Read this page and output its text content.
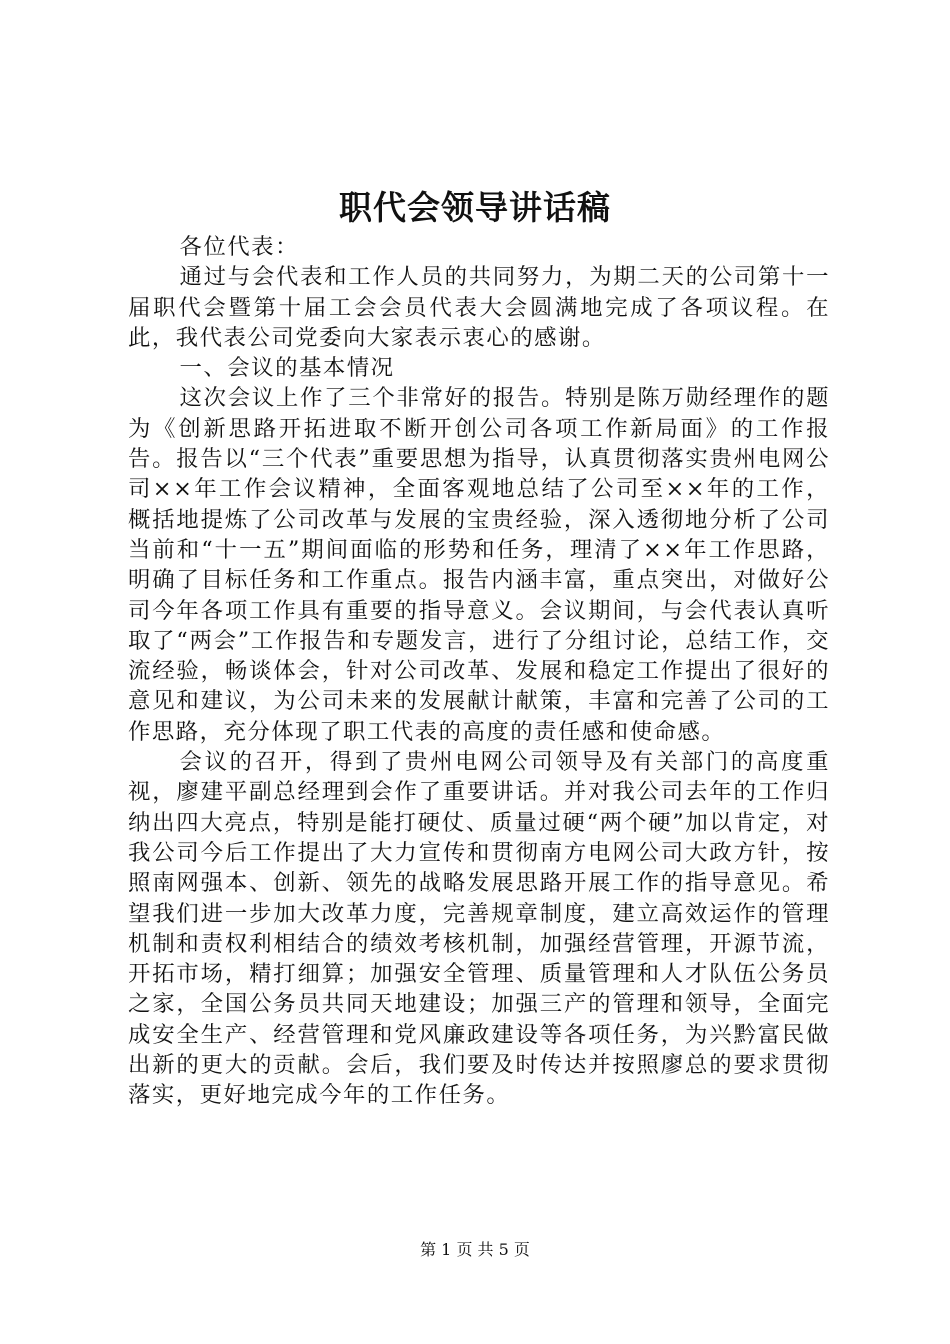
职代会领导讲话稿

各位代表：

通过与会代表和工作人员的共同努力，为期二天的公司第十一届职代会暨第十届工会会员代表大会圆满地完成了各项议程。在此，我代表公司党委向大家表示衷心的感谢。

一、会议的基本情况

这次会议上作了三个非常好的报告。特别是陈万勋经理作的题为《创新思路开拓进取不断开创公司各项工作新局面》的工作报告。报告以“三个代表”重要思想为指导，认真贯彻落实贵州电网公司××年工作会议精神，全面客观地总结了公司至××年的工作，概括地提炼了公司改革与发展的宝贵经验，深入透彻地分析了公司当前和“十一五”期间面临的形势和任务，理清了××年工作思路，明确了目标任务和工作重点。报告内涵丰富，重点突出，对做好公司今年各项工作具有重要的指导意义。会议期间，与会代表认真听取了“两会”工作报告和专题发言，进行了分组讨论，总结工作，交流经验，畅谈体会，针对公司改革、发展和稳定工作提出了很好的意见和建议，为公司未来的发展献计献策，丰富和完善了公司的工作思路，充分体现了职工代表的高度的责任感和使命感。

会议的召开，得到了贵州电网公司领导及有关部门的高度重视，廖建平副总经理到会作了重要讲话。并对我公司去年的工作归纳出四大亮点，特别是能打硬仗、质量过硬“两个硬”加以肯定，对我公司今后工作提出了大力宣传和贯彻南方电网公司大政方针，按照南网强本、创新、领先的战略发展思路开展工作的指导意见。希望我们进一步加大改革力度，完善规章制度，建立高效运作的管理机制和责权利相结合的绩效考核机制，加强经营管理，开源节流，开拓市场，精打细算；加强安全管理、质量管理和人才队伍公务员之家，全国公务员共同天地建设；加强三产的管理和领导，全面完成安全生产、经营管理和党风廉政建设等各项任务，为兴黔富民做出新的更大的贡献。会后，我们要及时传达并按照廖总的要求贯彻落实，更好地完成今年的工作任务。

第 1 页 共 5 页
